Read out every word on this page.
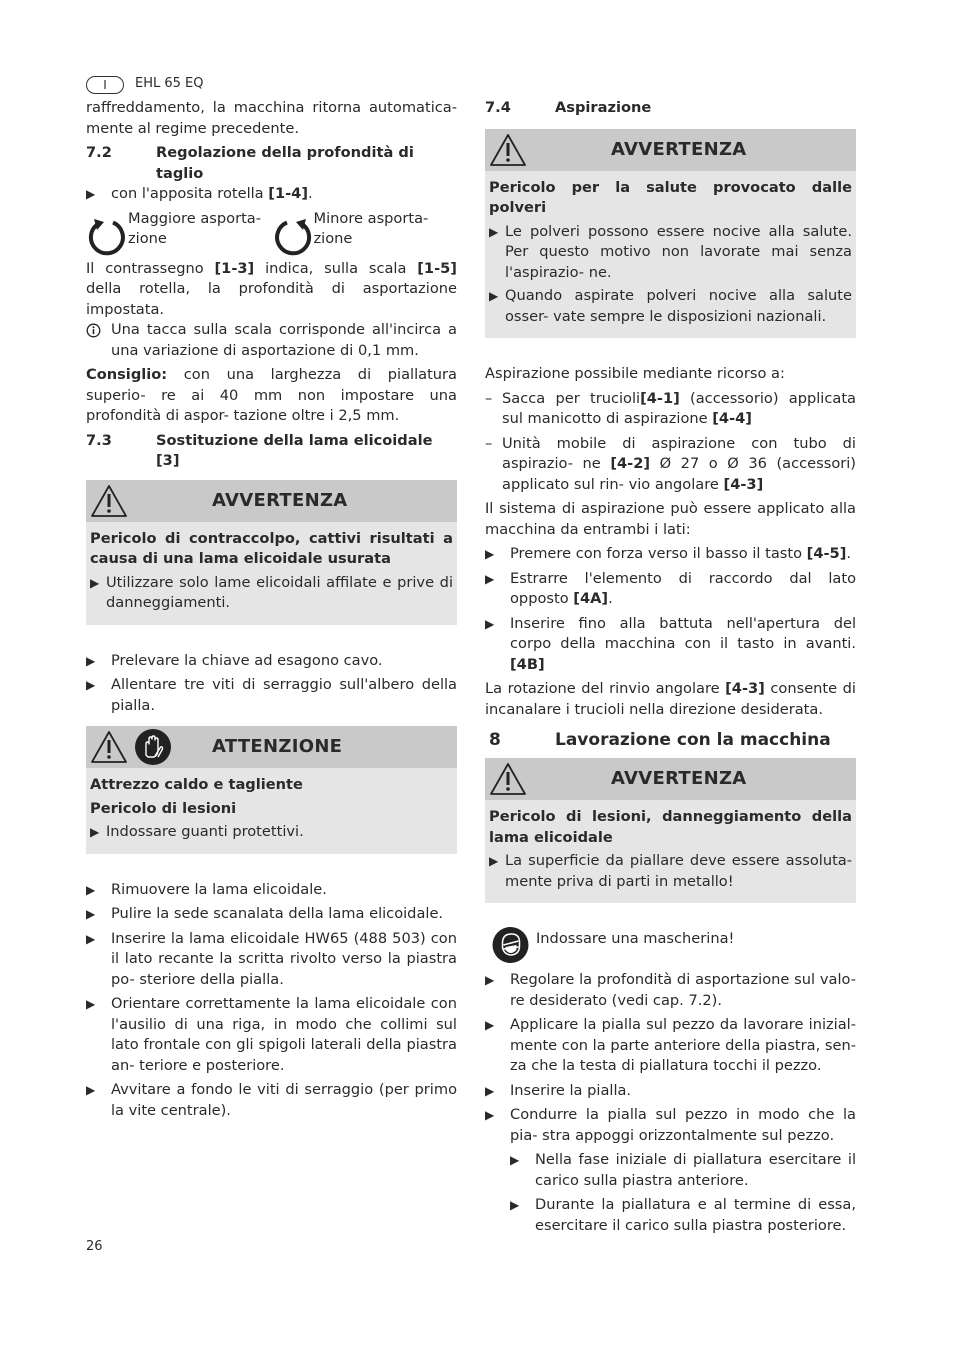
I	EHL 65 EQ

raffreddamento, la macchina ritorna automatica- mente al regime precedente.

7.2	Regolazione della profondità di taglio
▶	con l'apposita rotella [1-4].
Maggiore asporta- zione
Minore asporta- zione

Il contrassegno [1-3] indica, sulla scala [1-5] della rotella, la profondità di asportazione impostata.

Una tacca sulla scala corrisponde all'incirca a una variazione di asportazione di 0,1 mm.

Consiglio: con una larghezza di piallatura superio- re ai 40 mm non impostare una profondità di aspor- tazione oltre i 2,5 mm.

7.3	Sostituzione della lama elicoidale [3]
AVVERTENZA
Pericolo di contraccolpo, cattivi risultati a causa di una lama elicoidale usurata
▶ Utilizzare solo lame elicoidali affilate e prive di danneggiamenti.
▶	Prelevare la chiave ad esagono cavo.
▶	Allentare tre viti di serraggio sull'albero della pialla.
ATTENZIONE
Attrezzo caldo e tagliente
Pericolo di lesioni
▶ Indossare guanti protettivi.
▶	Rimuovere la lama elicoidale.
▶	Pulire la sede scanalata della lama elicoidale.
▶	Inserire la lama elicoidale HW65 (488 503) con il lato recante la scritta rivolto verso la piastra po- steriore della pialla.
▶	Orientare correttamente la lama elicoidale con l'ausilio di una riga, in modo che collimi sul lato frontale con gli spigoli laterali della piastra an- teriore e posteriore.
▶	Avvitare a fondo le viti di serraggio (per primo la vite centrale).
7.4	Aspirazione
AVVERTENZA
Pericolo per la salute provocato dalle polveri
▶ Le polveri possono essere nocive alla salute. Per questo motivo non lavorate mai senza l'aspirazio- ne.
▶ Quando aspirate polveri nocive alla salute osser- vate sempre le disposizioni nazionali.

Aspirazione possibile mediante ricorso a:

– Sacca per trucioli[4-1] (accessorio) applicata sul manicotto di aspirazione [4-4]
– Unità mobile di aspirazione con tubo di aspirazio- ne [4-2] Ø 27 o Ø 36 (accessori) applicato sul rin- vio angolare [4-3]

Il sistema di aspirazione può essere applicato alla macchina da entrambi i lati:

▶	Premere con forza verso il basso il tasto [4-5].
▶	Estrarre l'elemento di raccordo dal lato opposto [4A].
▶	Inserire fino alla battuta nell'apertura del corpo della macchina con il tasto in avanti. [4B]

La rotazione del rinvio angolare [4-3] consente di incanalare i trucioli nella direzione desiderata.

8	Lavorazione con la macchina
AVVERTENZA
Pericolo di lesioni, danneggiamento della lama elicoidale
▶ La superficie da piallare deve essere assoluta- mente priva di parti in metallo!
Indossare una mascherina!
▶	Regolare la profondità di asportazione sul valo- re desiderato (vedi cap. 7.2).
▶	Applicare la pialla sul pezzo da lavorare inizial- mente con la parte anteriore della piastra, sen- za che la testa di piallatura tocchi il pezzo.
▶	Inserire la pialla.
▶	Condurre la pialla sul pezzo in modo che la pia- stra appoggi orizzontalmente sul pezzo.
▶	Nella fase iniziale di piallatura esercitare il carico sulla piastra anteriore.
▶	Durante la piallatura e al termine di essa, esercitare il carico sulla piastra posteriore.
26
